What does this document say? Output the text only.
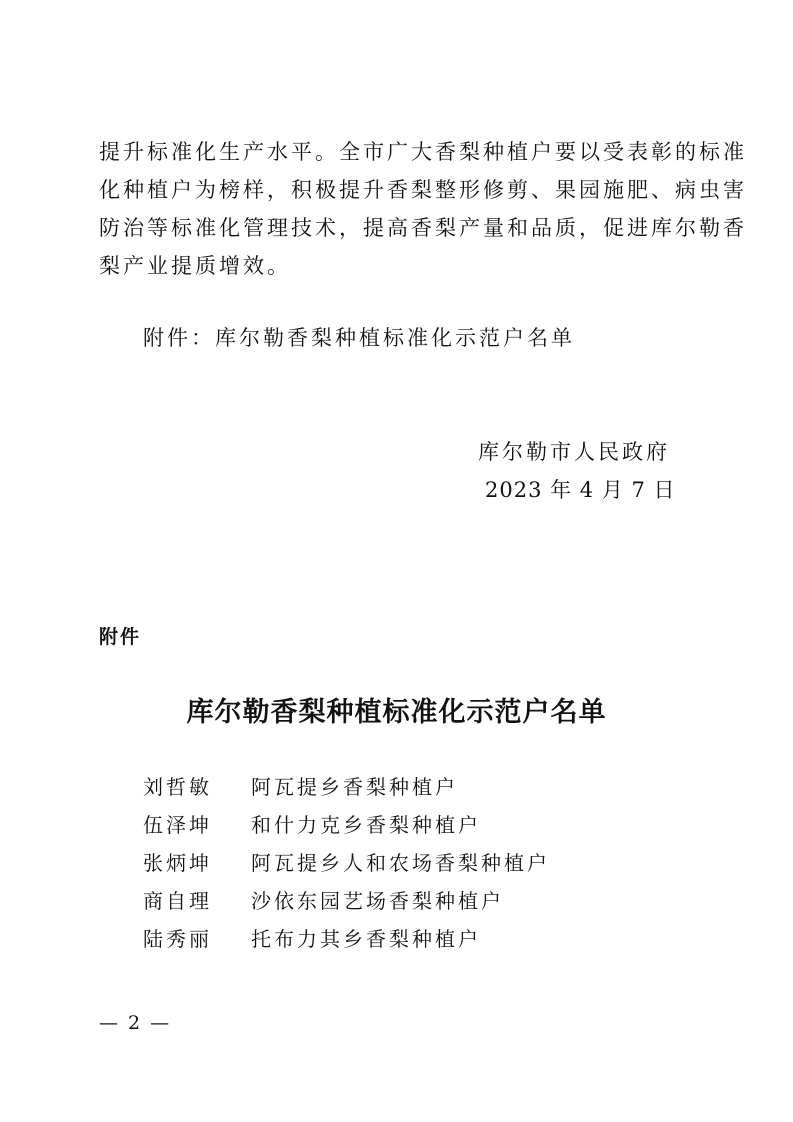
提升标准化生产水平。全市广大香梨种植户要以受表彰的标准
化种植户为榜样，积极提升香梨整形修剪、果园施肥、病虫害
防治等标准化管理技术，提高香梨产量和品质，促进库尔勒香
梨产业提质增效。
附件：库尔勒香梨种植标准化示范户名单
库尔勒市人民政府
2023 年 4 月 7 日
附件
库尔勒香梨种植标准化示范户名单
刘哲敏 阿瓦提乡香梨种植户
伍泽坤 和什力克乡香梨种植户
张炳坤 阿瓦提乡人和农场香梨种植户
商自理 沙依东园艺场香梨种植户
陆秀丽 托布力其乡香梨种植户
— 2 —
